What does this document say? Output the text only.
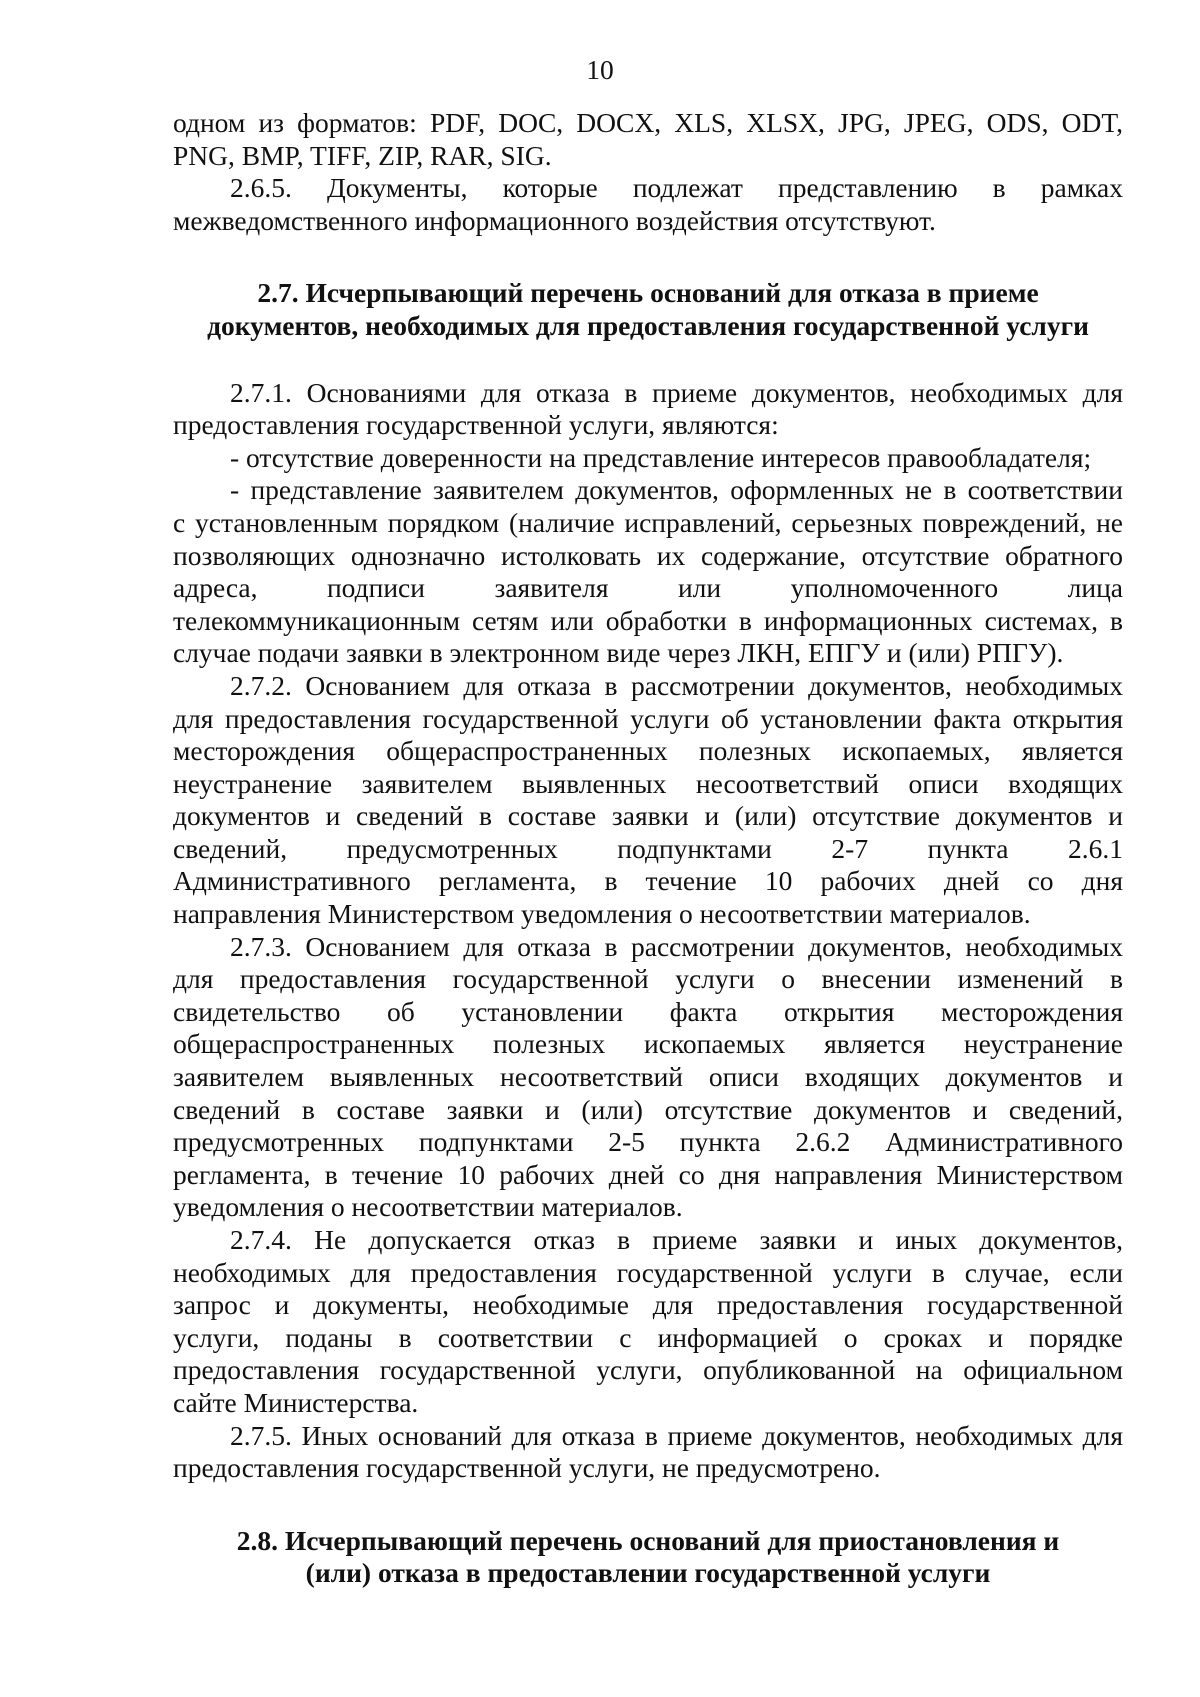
10
одном из форматов: PDF, DOC, DOCX, XLS, XLSX, JPG, JPEG, ODS, ODT,
PNG, BMP, TIFF, ZIP, RAR, SIG.
2.6.5. Документы, которые подлежат представлению в рамках
межведомственного информационного воздействия отсутствуют.
2.7. Исчерпывающий перечень оснований для отказа в приеме
документов, необходимых для предоставления государственной услуги
2.7.1. Основаниями для отказа в приеме документов, необходимых для
предоставления государственной услуги, являются:
- отсутствие доверенности на представление интересов правообладателя;
- представление заявителем документов, оформленных не в соответствии
с установленным порядком (наличие исправлений, серьезных повреждений, не
позволяющих однозначно истолковать их содержание, отсутствие обратного
адреса, подписи заявителя или уполномоченного лица
телекоммуникационным сетям или обработки в информационных системах, в
случае подачи заявки в электронном виде через ЛКН, ЕПГУ и (или) РПГУ).
2.7.2. Основанием для отказа в рассмотрении документов, необходимых
для предоставления государственной услуги об установлении факта открытия
месторождения общераспространенных полезных ископаемых, является
неустранение заявителем выявленных несоответствий описи входящих
документов и сведений в составе заявки и (или) отсутствие документов и
сведений, предусмотренных подпунктами 2-7 пункта 2.6.1
Административного регламента, в течение 10 рабочих дней со дня
направления Министерством уведомления о несоответствии материалов.
2.7.3. Основанием для отказа в рассмотрении документов, необходимых
для предоставления государственной услуги о внесении изменений в
свидетельство об установлении факта открытия месторождения
общераспространенных полезных ископаемых является неустранение
заявителем выявленных несоответствий описи входящих документов и
сведений в составе заявки и (или) отсутствие документов и сведений,
предусмотренных подпунктами 2-5 пункта 2.6.2 Административного
регламента, в течение 10 рабочих дней со дня направления Министерством
уведомления о несоответствии материалов.
2.7.4. Не допускается отказ в приеме заявки и иных документов,
необходимых для предоставления государственной услуги в случае, если
запрос и документы, необходимые для предоставления государственной
услуги, поданы в соответствии с информацией о сроках и порядке
предоставления государственной услуги, опубликованной на официальном
сайте Министерства.
2.7.5. Иных оснований для отказа в приеме документов, необходимых для
предоставления государственной услуги, не предусмотрено.
2.8. Исчерпывающий перечень оснований для приостановления и
(или) отказа в предоставлении государственной услуги
